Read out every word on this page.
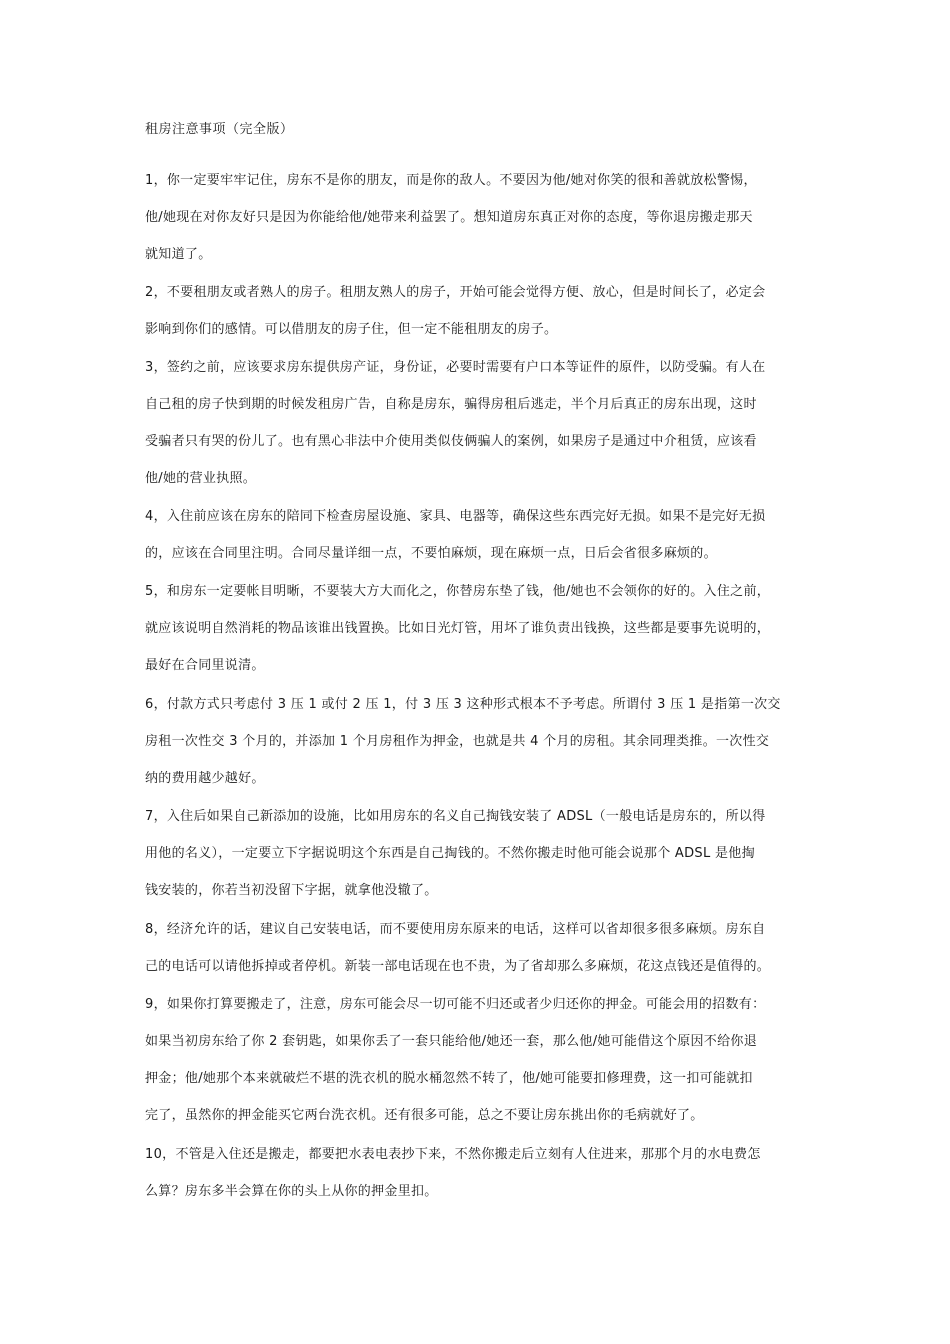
租房注意事项（完全版）
1，你一定要牢牢记住，房东不是你的朋友，而是你的敌人。不要因为他/她对你笑的很和善就放松警惕，
他/她现在对你友好只是因为你能给他/她带来利益罢了。想知道房东真正对你的态度，等你退房搬走那天
就知道了。
2，不要租朋友或者熟人的房子。租朋友熟人的房子，开始可能会觉得方便、放心，但是时间长了，必定会
影响到你们的感情。可以借朋友的房子住，但一定不能租朋友的房子。
3，签约之前，应该要求房东提供房产证，身份证，必要时需要有户口本等证件的原件，以防受骗。有人在
自己租的房子快到期的时候发租房广告，自称是房东，骗得房租后逃走，半个月后真正的房东出现，这时
受骗者只有哭的份儿了。也有黑心非法中介使用类似伎俩骗人的案例，如果房子是通过中介租赁，应该看
他/她的营业执照。
4，入住前应该在房东的陪同下检查房屋设施、家具、电器等，确保这些东西完好无损。如果不是完好无损
的，应该在合同里注明。合同尽量详细一点，不要怕麻烦，现在麻烦一点，日后会省很多麻烦的。
5，和房东一定要帐目明晰，不要装大方大而化之，你替房东垫了钱，他/她也不会领你的好的。入住之前，
就应该说明自然消耗的物品该谁出钱置换。比如日光灯管，用坏了谁负责出钱换，这些都是要事先说明的，
最好在合同里说清。
6，付款方式只考虑付 3 压 1 或付 2 压 1，付 3 压 3 这种形式根本不予考虑。所谓付 3 压 1 是指第一次交
房租一次性交 3 个月的，并添加 1 个月房租作为押金，也就是共 4 个月的房租。其余同理类推。一次性交
纳的费用越少越好。
7，入住后如果自己新添加的设施，比如用房东的名义自己掏钱安装了 ADSL（一般电话是房东的，所以得
用他的名义），一定要立下字据说明这个东西是自己掏钱的。不然你搬走时他可能会说那个 ADSL 是他掏
钱安装的，你若当初没留下字据，就拿他没辙了。
8，经济允许的话，建议自己安装电话，而不要使用房东原来的电话，这样可以省却很多很多麻烦。房东自
己的电话可以请他拆掉或者停机。新装一部电话现在也不贵，为了省却那么多麻烦，花这点钱还是值得的。
9，如果你打算要搬走了，注意，房东可能会尽一切可能不归还或者少归还你的押金。可能会用的招数有：
如果当初房东给了你 2 套钥匙，如果你丢了一套只能给他/她还一套，那么他/她可能借这个原因不给你退
押金；他/她那个本来就破烂不堪的洗衣机的脱水桶忽然不转了，他/她可能要扣修理费，这一扣可能就扣
完了，虽然你的押金能买它两台洗衣机。还有很多可能，总之不要让房东挑出你的毛病就好了。
10，不管是入住还是搬走，都要把水表电表抄下来，不然你搬走后立刻有人住进来，那那个月的水电费怎
么算？房东多半会算在你的头上从你的押金里扣。
